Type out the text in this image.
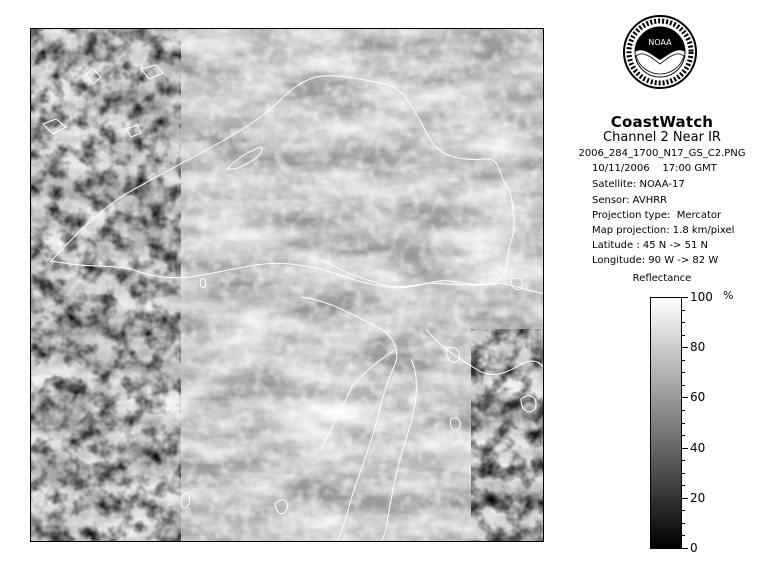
NOAA
CoastWatch
Channel 2 Near IR
2006_284_1700_N17_GS_C2.PNG
10/11/2006    17:00 GMT
Satellite: NOAA-17
Sensor: AVHRR
Projection type:  Mercator
Map projection: 1.8 km/pixel
Latitude : 45 N -> 51 N
Longitude: 90 W -> 82 W
Reflectance
%
100
80
60
40
20
0
